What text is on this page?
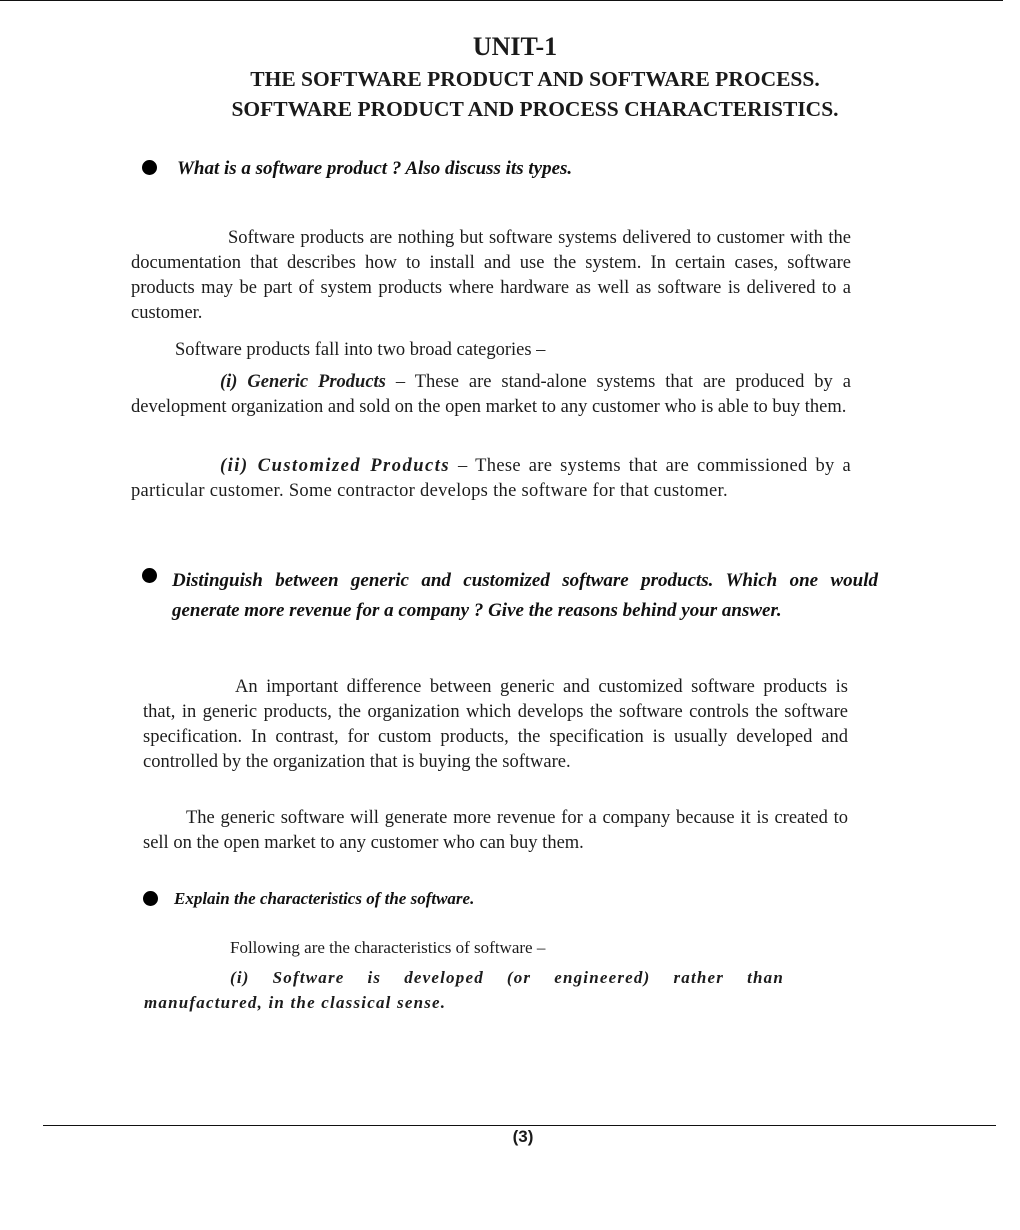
UNIT-1
THE SOFTWARE PRODUCT AND SOFTWARE PROCESS.
SOFTWARE PRODUCT AND PROCESS CHARACTERISTICS.
What is a software product ? Also discuss its types.
Software products are nothing but software systems delivered to customer with the documentation that describes how to install and use the system. In certain cases, software products may be part of system products where hardware as well as software is delivered to a customer.
Software products fall into two broad categories –
(i) Generic Products – These are stand-alone systems that are produced by a development organization and sold on the open market to any customer who is able to buy them.
(ii) Customized Products – These are systems that are commissioned by a particular customer. Some contractor develops the software for that customer.
Distinguish between generic and customized software products. Which one would generate more revenue for a company ? Give the reasons behind your answer.
An important difference between generic and customized software products is that, in generic products, the organization which develops the software controls the software specification. In contrast, for custom products, the specification is usually developed and controlled by the organization that is buying the software.
The generic software will generate more revenue for a company because it is created to sell on the open market to any customer who can buy them.
Explain the characteristics of the software.
Following are the characteristics of software –
(i) Software is developed (or engineered) rather than manufactured, in the classical sense.
(3)
